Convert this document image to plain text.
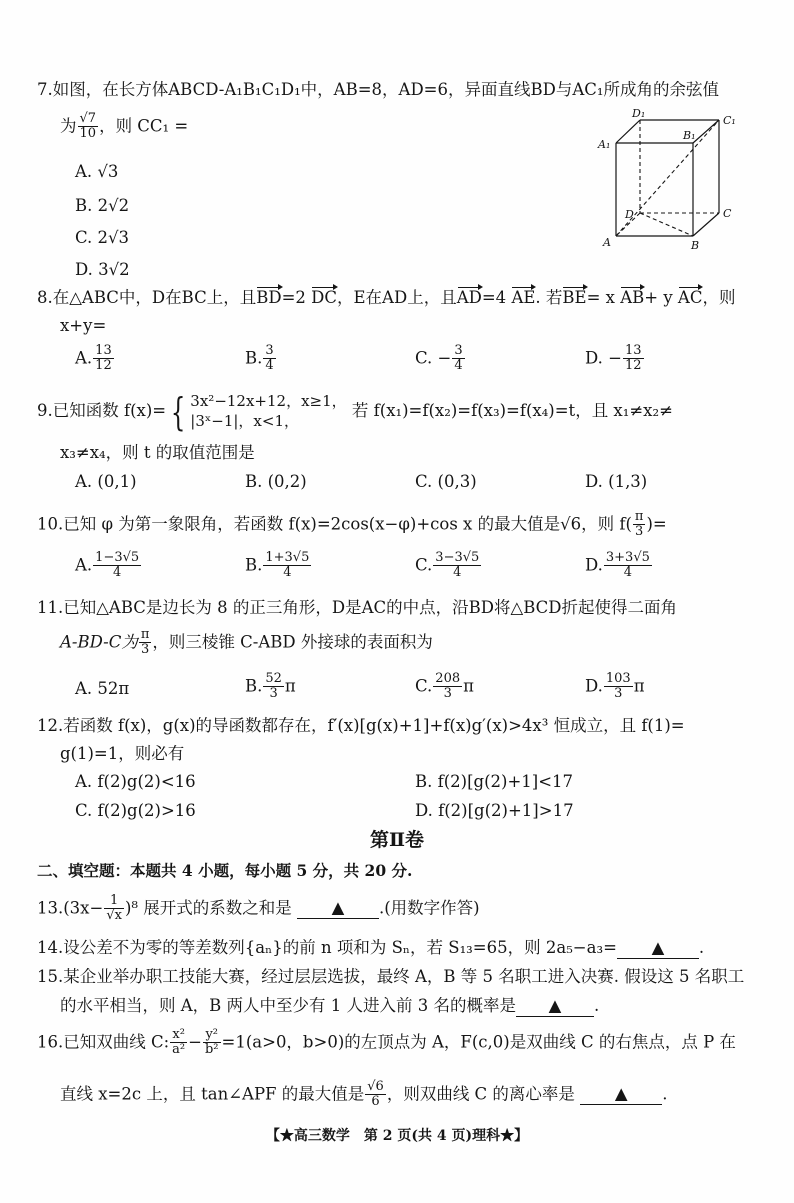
7.如图，在长方体ABCD-A₁B₁C₁D₁中，AB=8，AD=6，异面直线BD与AC₁所成角的余弦值
为 $\frac{√7}{10}$ ，则 CC₁ =
A. √3
B. 2√2
C. 2√3
D. 3√2
D₁
C₁
A₁
B₁
D	C
A	B
8.在△ABC中，D在BC上，且BD=2 DC，E在AD上，且AD=4 AE. 若BE= x AB+ y AC，则
x+y=
A. $\frac{13}{12}$	B. $\frac{3}{4}$	C. − $\frac{3}{4}$	D. − $\frac{13}{12}$
9.已知函数 f(x)= { 3x²−12x+12，x≥1，
|3ˣ−1|，x<1， 若 f(x₁)=f(x₂)=f(x₃)=f(x₄)=t，且 x₁≠x₂≠
x₃≠x₄，则 t 的取值范围是
A. (0,1)	B. (0,2)	C. (0,3)	D. (1,3)
10.已知 φ 为第一象限角，若函数 f(x)=2cos(x−φ)+cos x 的最大值是√6，则 $f( \frac{\pi}{3}$ )=
A. $\frac{1-3√5}{4}$	B. $\frac{1+3√5}{4}$	C. $\frac{3-3√5}{4}$	D. $\frac{3+3√5}{4}$
11.已知△ABC是边长为 8 的正三角形，D是AC的中点，沿BD将△BCD折起使得二面角
A-BD-C为 $\frac{\pi}{3}$ ，则三棱锥 C-ABD 外接球的表面积为
A. 52π	B. $\frac{52}{3}$ π	C. $\frac{208}{3}$ π	D. $\frac{103}{3}$ π
12.若函数 f(x)，g(x)的导函数都存在，f′(x)[g(x)+1]+f(x)g′(x)>4x³ 恒成立，且 f(1)=
g(1)=1，则必有
A. f(2)g(2)<16	B. f(2)[g(2)+1]<17
C. f(2)g(2)>16	D. f(2)[g(2)+1]>17
第Ⅱ卷
二、填空题：本题共 4 小题，每小题 5 分，共 20 分.
$13.(3x- \frac{1}{√x} )^8$ 展开式的系数之和是 ▲ .(用数字作答)
14.设公差不为零的等差数列{aₙ}的前 n 项和为 Sₙ，若 S₁₃=65，则 2a₅−a₃= ▲ .
15.某企业举办职工技能大赛，经过层层选拔，最终 A，B 等 5 名职工进入决赛. 假设这 5 名职工
的水平相当，则 A，B 两人中至少有 1 人进入前 3 名的概率是 ▲ .
16.已知双曲线 C: $\frac{\text{x²}}{\text{a²}} - \frac{\text{y²}}{\text{b²}} =1(a>0$，b>0)的左顶点为 A，F(c,0)是双曲线 C 的右焦点，点 P 在
直线 x=2c 上，且 tan∠APF 的最大值是 $\frac{√6}{6}$ ，则双曲线 C 的离心率是 ▲ .
【★高三数学　第 2 页(共 4 页)理科★】
